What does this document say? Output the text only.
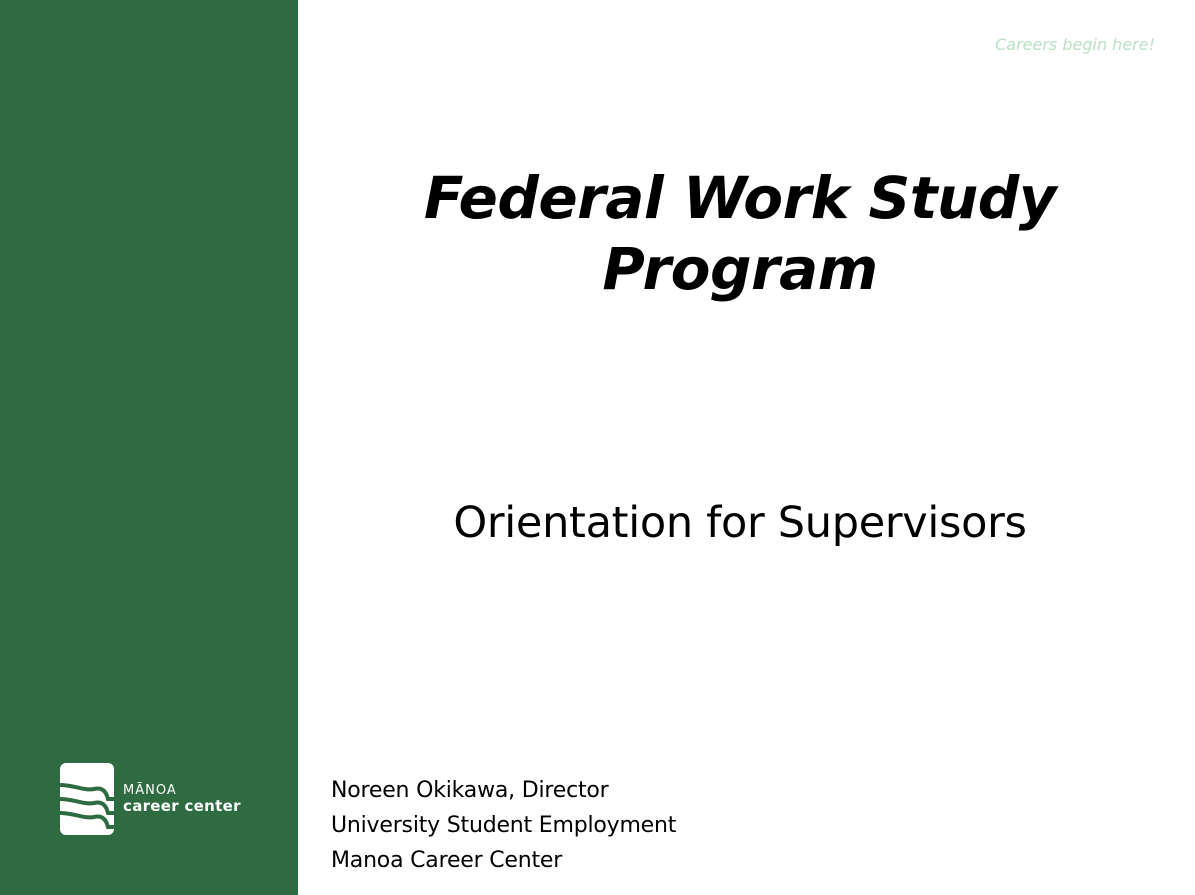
MĀNOA
career center
Careers begin here!
Federal Work Study
Program
Orientation for Supervisors
Noreen Okikawa, Director
University Student Employment
Manoa Career Center
